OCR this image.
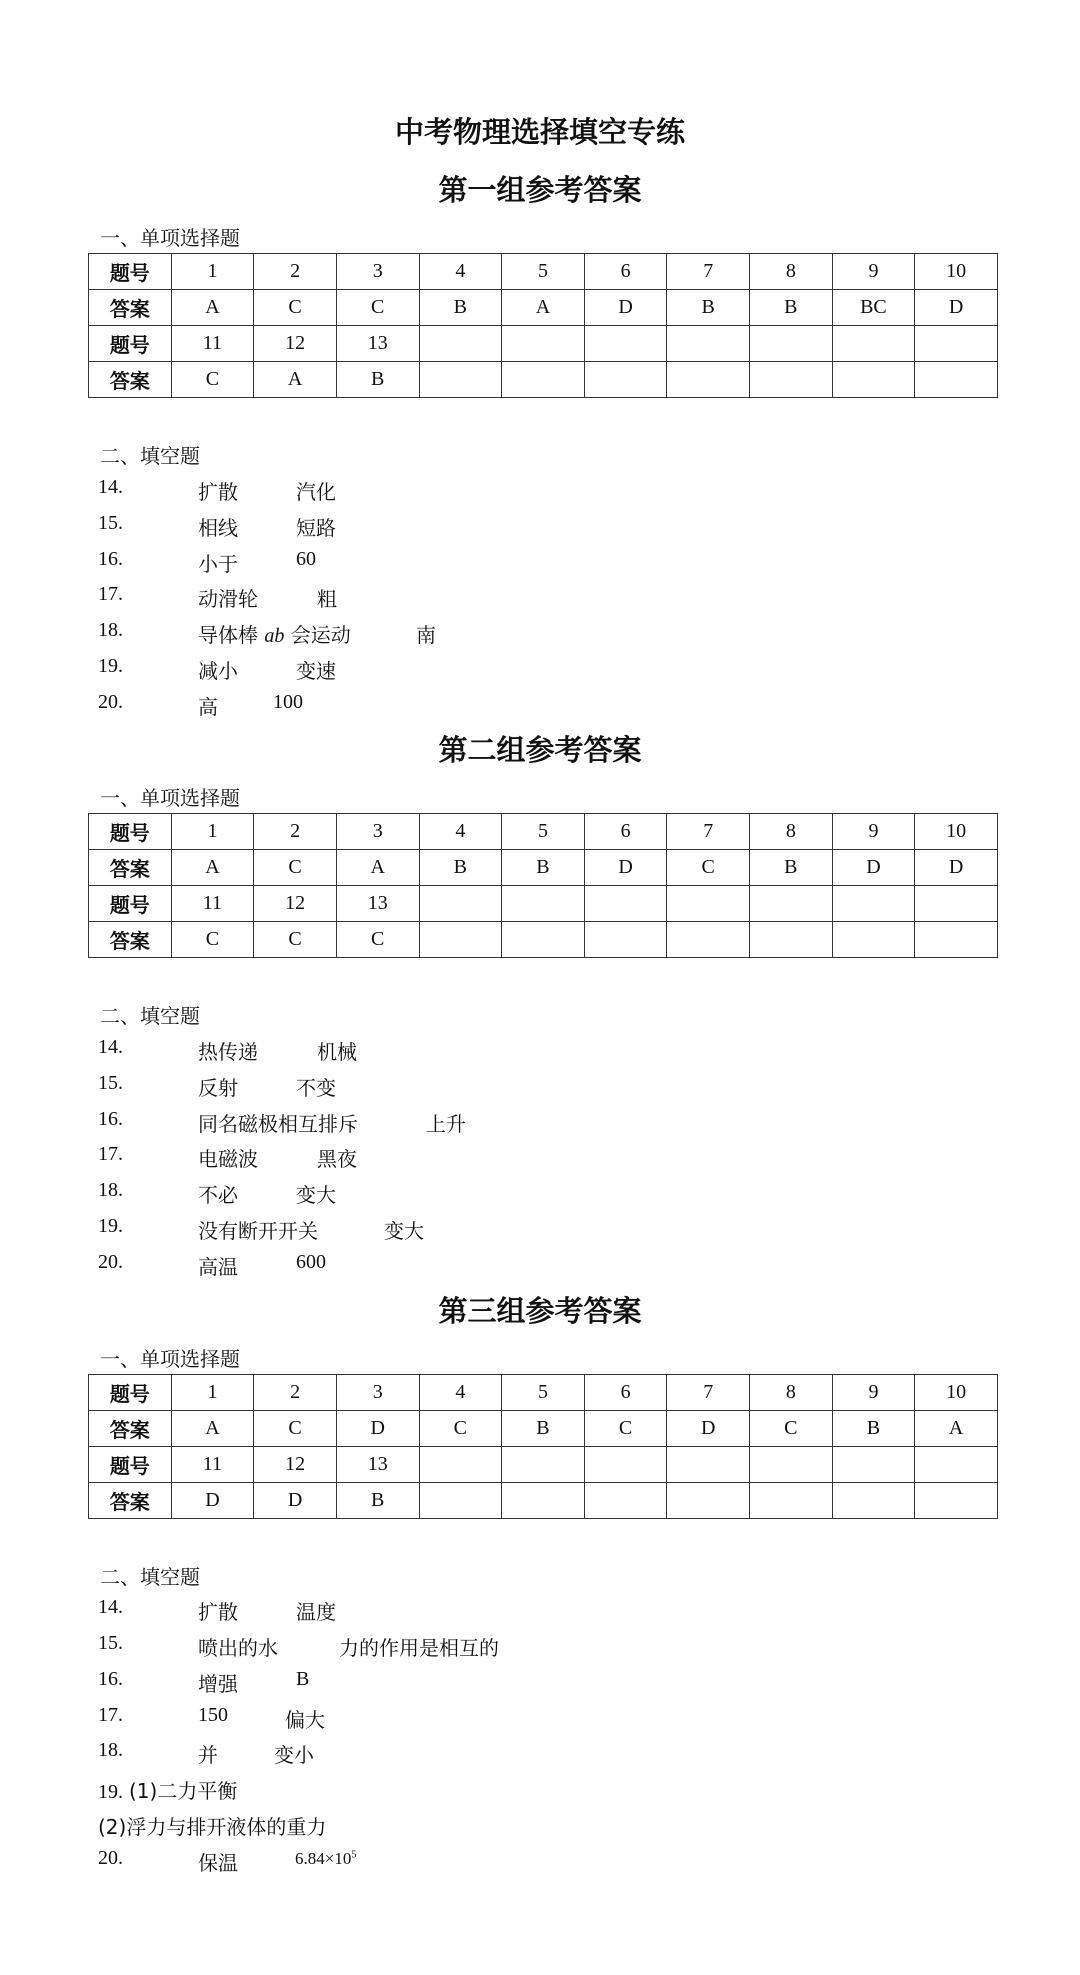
中考物理选择填空专练
第一组参考答案
一、单项选择题
题号	1	2	3	4	5	6	7	8	9	10
答案	A	C	C	B	A	D	B	B	BC	D
题号	11	12	13							
答案	C	A	B							
二、填空题
14.	扩散	汽化
15.	相线	短路
16.	小于	60
17.	动滑轮	粗
18.	导体棒 ab 会运动	南
19.	减小	变速
20.	高	100
第二组参考答案
一、单项选择题
题号	1	2	3	4	5	6	7	8	9	10
答案	A	C	A	B	B	D	C	B	D	D
题号	11	12	13							
答案	C	C	C							
二、填空题
14.	热传递	机械
15.	反射	不变
16.	同名磁极相互排斥	上升
17.	电磁波	黑夜
18.	不必	变大
19.	没有断开开关	变大
20.	高温	600
第三组参考答案
一、单项选择题
题号	1	2	3	4	5	6	7	8	9	10
答案	A	C	D	C	B	C	D	C	B	A
题号	11	12	13							
答案	D	D	B							
二、填空题
14.	扩散	温度
15.	喷出的水	力的作用是相互的
16.	增强	B
17.	150	偏大
18.	并	变小
19. (1)二力平衡
(2)浮力与排开液体的重力
20.	保温	$6.84\times 10^5$
